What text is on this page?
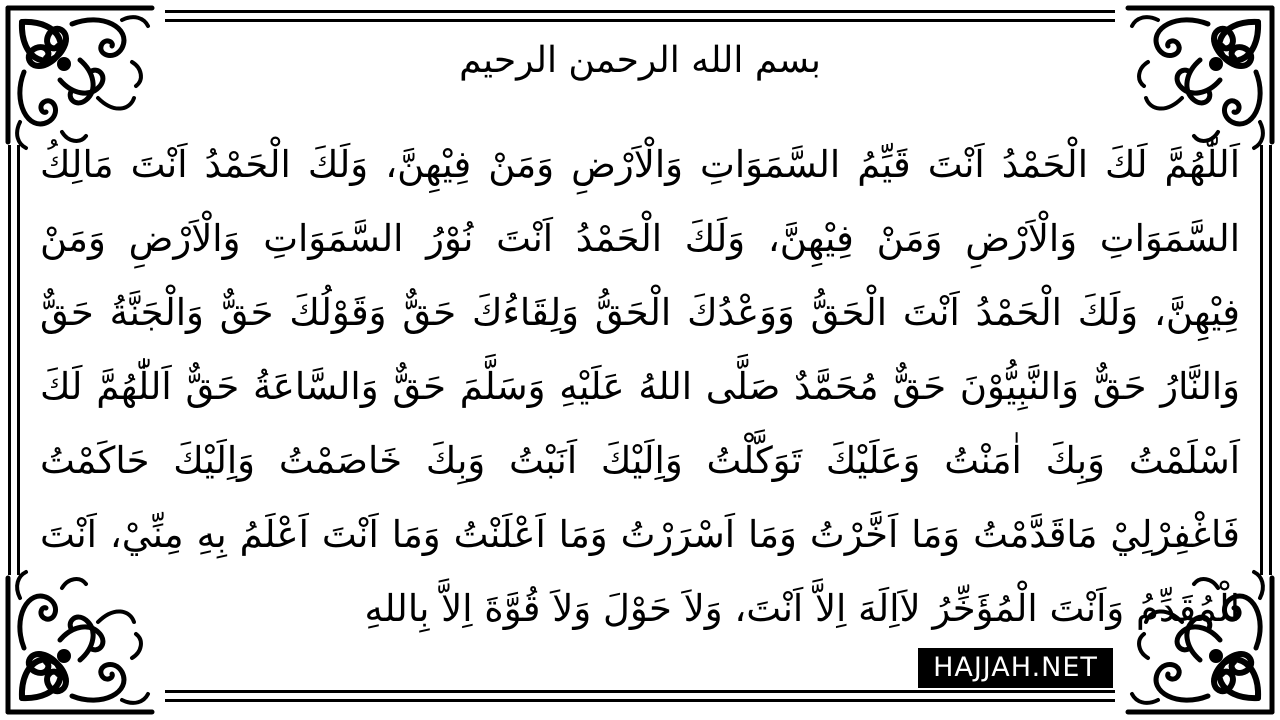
بسم الله الرحمن الرحيم
اَللّٰهُمَّ لَكَ الْحَمْدُ اَنْتَ قَيِّمُ السَّمَوَاتِ وَالْاَرْضِ وَمَنْ فِيْهِنَّ، وَلَكَ الْحَمْدُ اَنْتَ مَالِكُ
السَّمَوَاتِ وَالْاَرْضِ وَمَنْ فِيْهِنَّ، وَلَكَ الْحَمْدُ اَنْتَ نُوْرُ السَّمَوَاتِ وَالْاَرْضِ وَمَنْ
فِيْهِنَّ، وَلَكَ الْحَمْدُ اَنْتَ الْحَقُّ وَوَعْدُكَ الْحَقُّ وَلِقَاءُكَ حَقٌّ وَقَوْلُكَ حَقٌّ وَالْجَنَّةُ حَقٌّ
وَالنَّارُ حَقٌّ وَالنَّبِيُّوْنَ حَقٌّ مُحَمَّدٌ صَلَّى اللهُ عَلَيْهِ وَسَلَّمَ حَقٌّ وَالسَّاعَةُ حَقٌّ اَللّٰهُمَّ لَكَ
اَسْلَمْتُ وَبِكَ اٰمَنْتُ وَعَلَيْكَ تَوَكَّلْتُ وَاِلَيْكَ اَنَبْتُ وَبِكَ خَاصَمْتُ وَاِلَيْكَ حَاكَمْتُ
فَاغْفِرْلِيْ مَاقَدَّمْتُ وَمَا اَخَّرْتُ وَمَا اَسْرَرْتُ وَمَا اَعْلَنْتُ وَمَا اَنْتَ اَعْلَمُ بِهِ مِنِّيْ، اَنْتَ
الْمُقَدِّمُ وَاَنْتَ الْمُؤَخِّرُ لاَاِلَهَ اِلاَّ اَنْتَ، وَلاَ حَوْلَ وَلاَ قُوَّةَ اِلاَّ بِاللهِ
HAJJAH.NET
